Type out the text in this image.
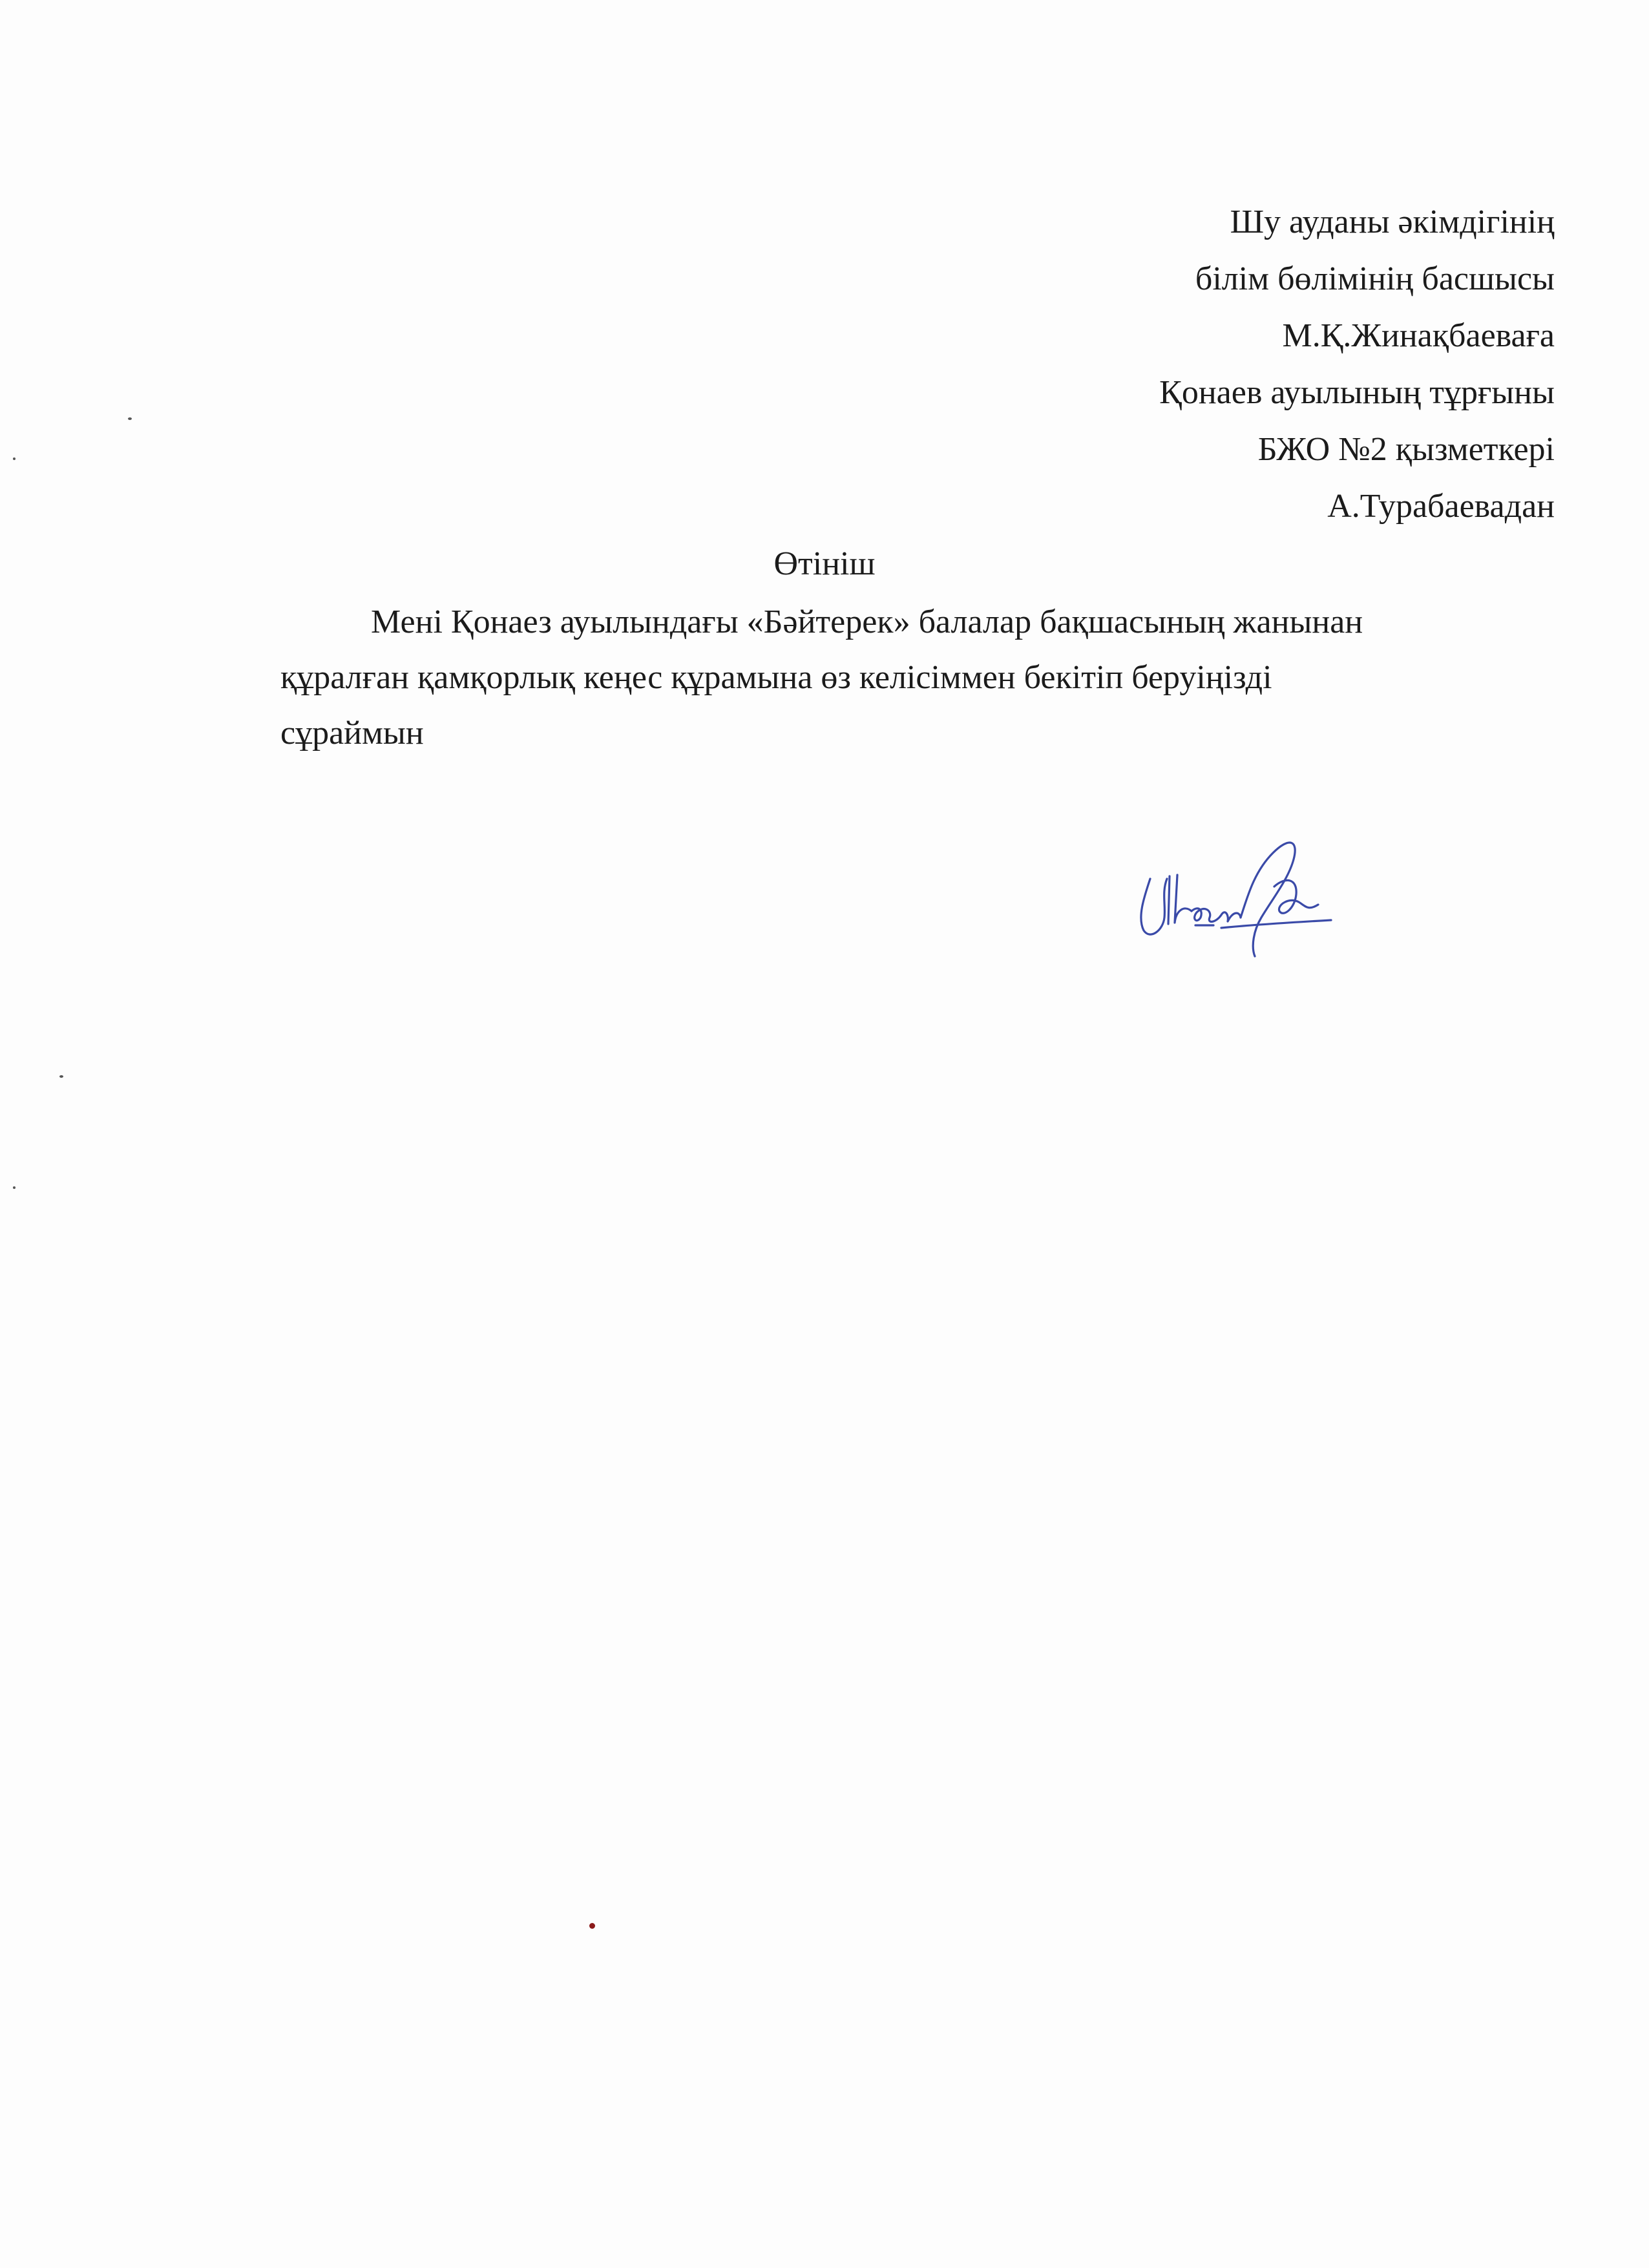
Шу ауданы әкімдігінің
білім бөлімінің басшысы
М.Қ.Жинақбаеваға
Қонаев ауылының тұрғыны
БЖО №2 қызметкері
А.Турабаевадан
Өтініш
Мені Қонаез ауылындағы «Бәйтерек» балалар бақшасының жанынан
құралған қамқорлық кеңес құрамына өз келісіммен бекітіп беруіңізді
сұраймын
